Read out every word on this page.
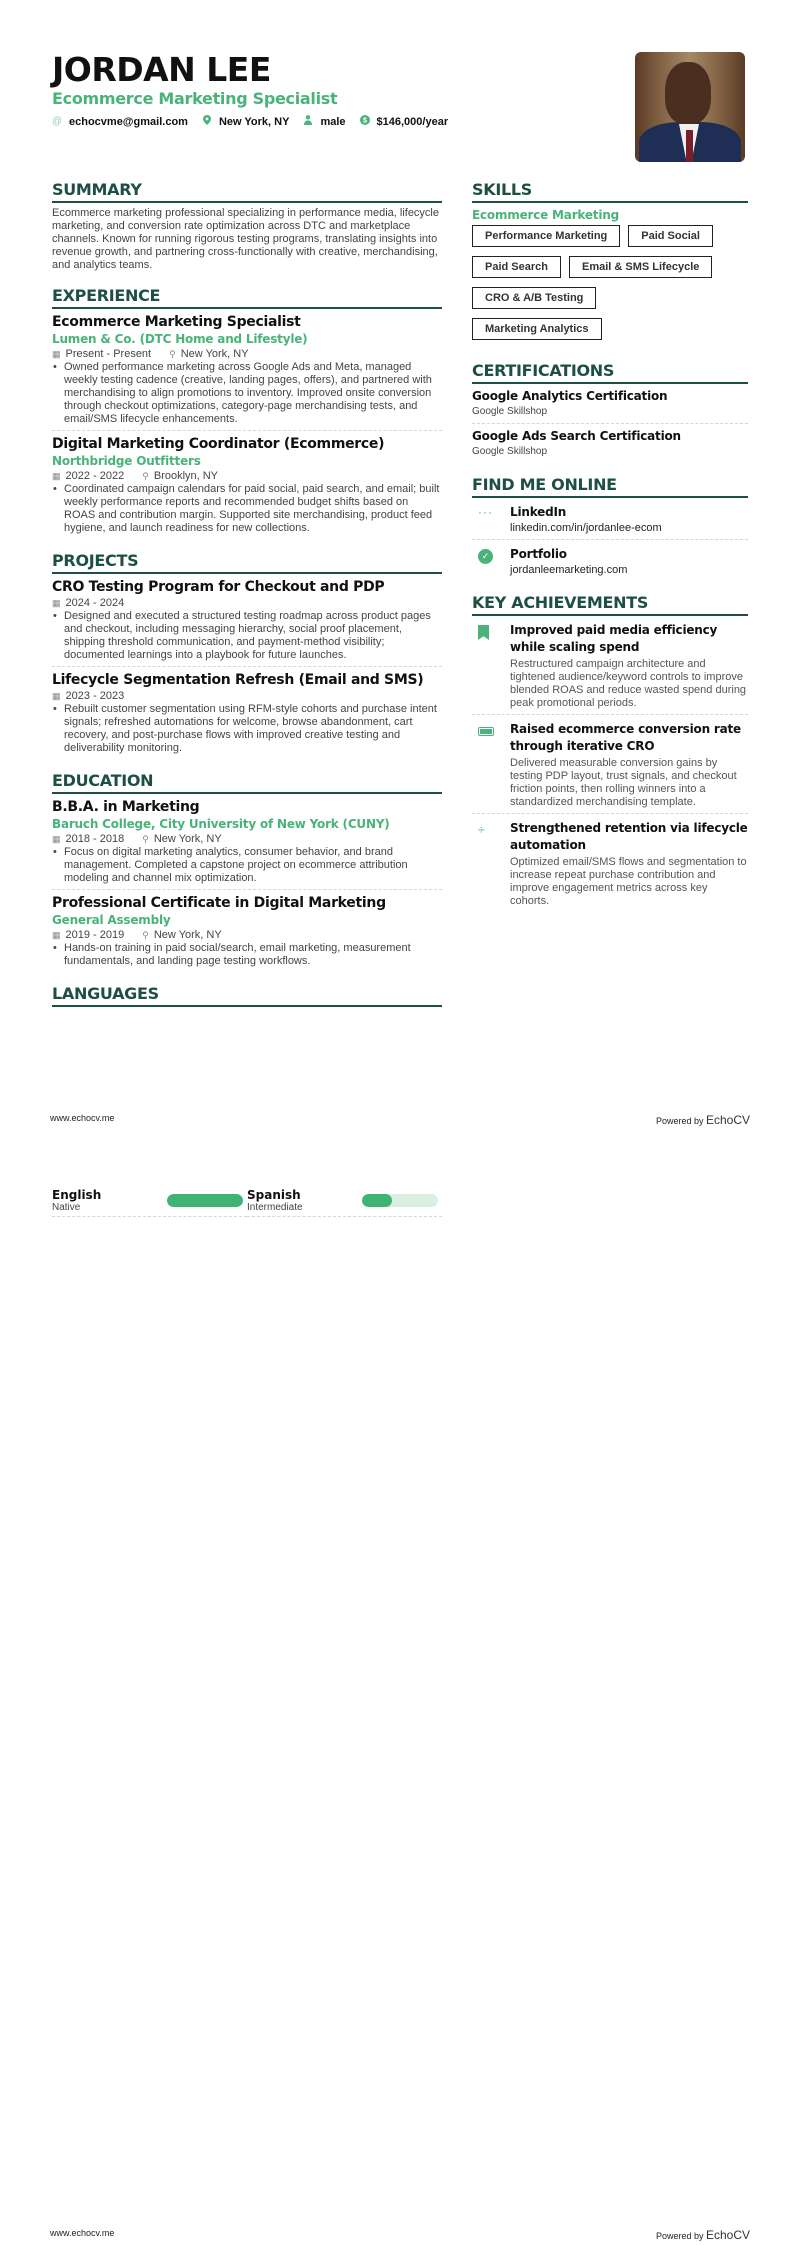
JORDAN LEE
Ecommerce Marketing Specialist
@ echocvme@gmail.com	New York, NY	male $ $146,000/year
SUMMARY
Ecommerce marketing professional specializing in performance media, lifecycle marketing, and conversion rate optimization across DTC and marketplace channels. Known for running rigorous testing programs, translating insights into revenue growth, and partnering cross-functionally with creative, merchandising, and analytics teams.
EXPERIENCE
Ecommerce Marketing Specialist
Lumen & Co. (DTC Home and Lifestyle)
▦ Present - Present ⚲ New York, NY
• Owned performance marketing across Google Ads and Meta, managed weekly testing cadence (creative, landing pages, offers), and partnered with merchandising to align promotions to inventory. Improved onsite conversion through checkout optimizations, category-page merchandising tests, and email/SMS lifecycle enhancements.
Digital Marketing Coordinator (Ecommerce)
Northbridge Outfitters
▦ 2022 - 2022 ⚲ Brooklyn, NY
• Coordinated campaign calendars for paid social, paid search, and email; built weekly performance reports and recommended budget shifts based on ROAS and contribution margin. Supported site merchandising, product feed hygiene, and launch readiness for new collections.
PROJECTS
CRO Testing Program for Checkout and PDP
▦ 2024 - 2024
• Designed and executed a structured testing roadmap across product pages and checkout, including messaging hierarchy, social proof placement, shipping threshold communication, and payment-method visibility; documented learnings into a playbook for future launches.
Lifecycle Segmentation Refresh (Email and SMS)
▦ 2023 - 2023
• Rebuilt customer segmentation using RFM-style cohorts and purchase intent signals; refreshed automations for welcome, browse abandonment, cart recovery, and post-purchase flows with improved creative testing and deliverability monitoring.
EDUCATION
B.B.A. in Marketing
Baruch College, City University of New York (CUNY)
▦ 2018 - 2018 ⚲ New York, NY
• Focus on digital marketing analytics, consumer behavior, and brand management. Completed a capstone project on ecommerce attribution modeling and channel mix optimization.
Professional Certificate in Digital Marketing
General Assembly
▦ 2019 - 2019 ⚲ New York, NY
• Hands-on training in paid social/search, email marketing, measurement fundamentals, and landing page testing workflows.
LANGUAGES
SKILLS
Ecommerce Marketing
Performance Marketing	Paid Social
Paid Search	Email & SMS Lifecycle
CRO & A/B Testing
Marketing Analytics
CERTIFICATIONS
Google Analytics Certification
Google Skillshop
Google Ads Search Certification
Google Skillshop
FIND ME ONLINE
··· LinkedIn
linkedin.com/in/jordanlee-ecom
✓	Portfolio
jordanleemarketing.com
KEY ACHIEVEMENTS
Improved paid media efficiency while scaling spend
Restructured campaign architecture and tightened audience/keyword controls to improve blended ROAS and reduce wasted spend during peak promotional periods.
Raised ecommerce conversion rate through iterative CRO
Delivered measurable conversion gains by testing PDP layout, trust signals, and checkout friction points, then rolling winners into a standardized merchandising template.
÷ Strengthened retention via lifecycle automation
Optimized email/SMS flows and segmentation to increase repeat purchase contribution and improve engagement metrics across key cohorts.
www.echocv.me	Powered by EchoCV
English
Native
Spanish
Intermediate
www.echocv.me	Powered by EchoCV
